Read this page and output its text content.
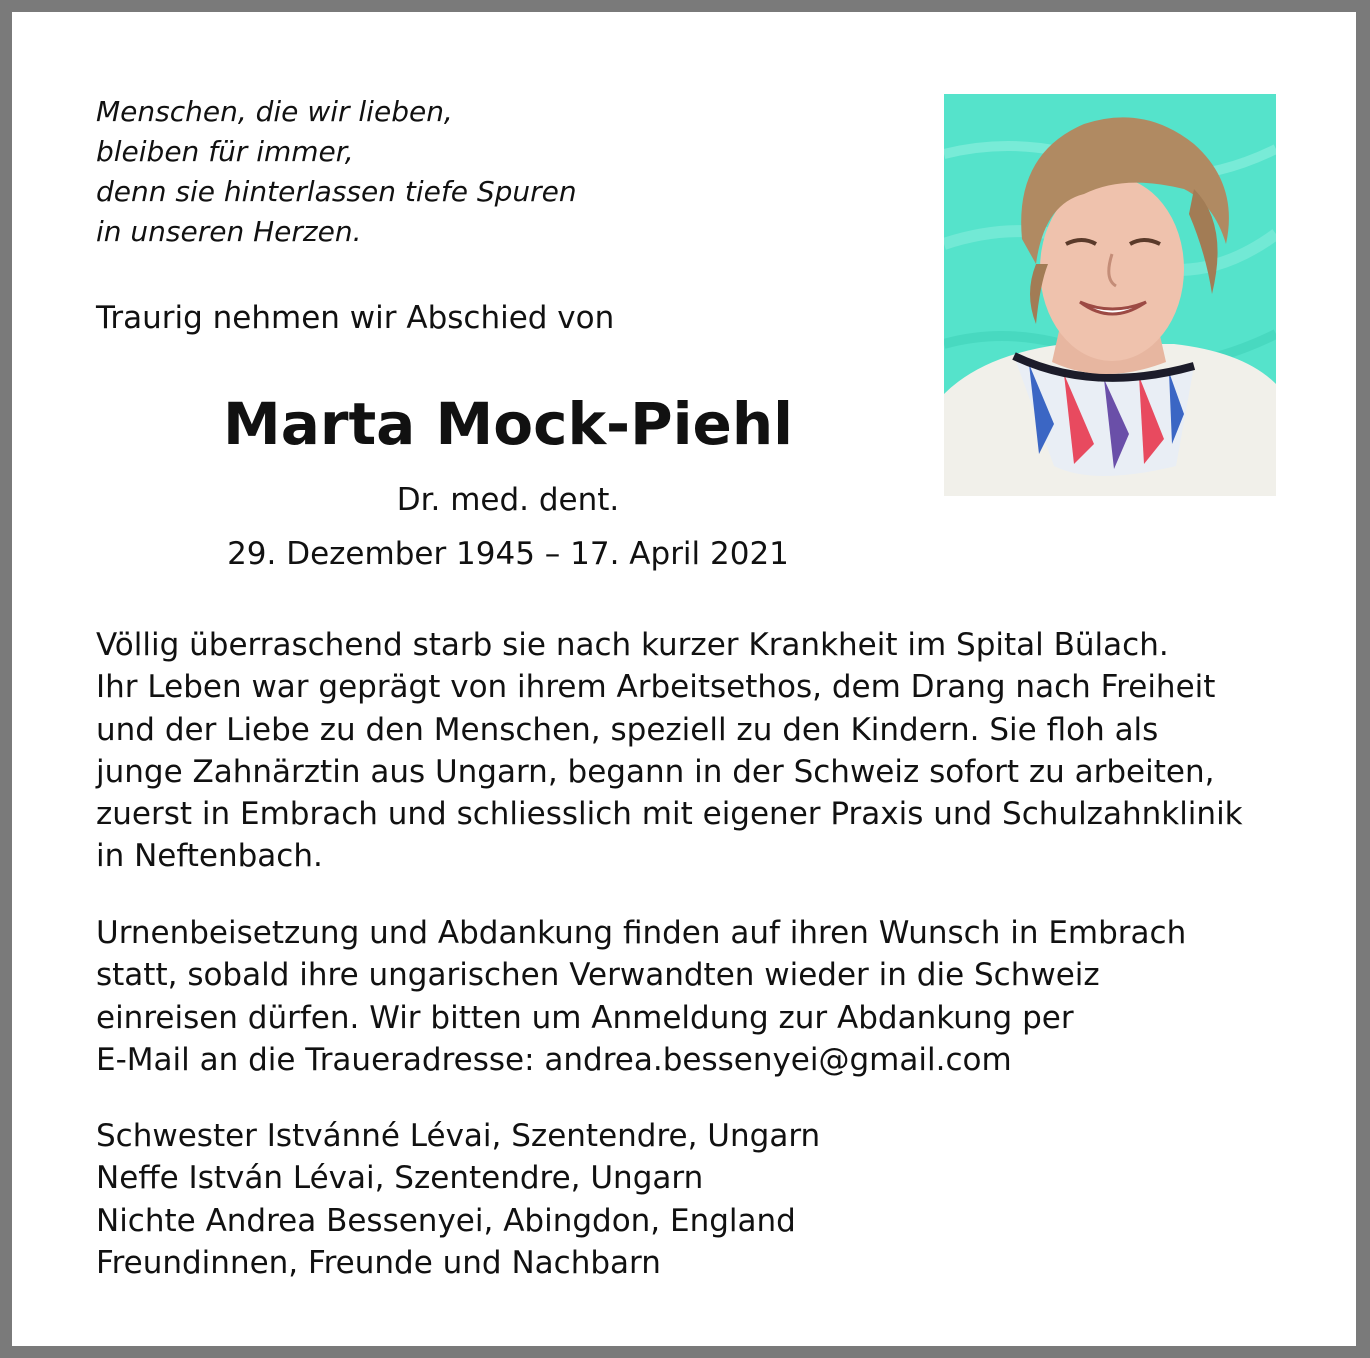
Menschen, die wir lieben,
bleiben für immer,
denn sie hinterlassen tiefe Spuren
in unseren Herzen.

Traurig nehmen wir Abschied von

Marta Mock-Piehl

Dr. med. dent.

29. Dezember 1945 – 17. April 2021

Völlig überraschend starb sie nach kurzer Krankheit im Spital Bülach.
Ihr Leben war geprägt von ihrem Arbeitsethos, dem Drang nach Freiheit
und der Liebe zu den Menschen, speziell zu den Kindern. Sie floh als
junge Zahnärztin aus Ungarn, begann in der Schweiz sofort zu arbeiten,
zuerst in Embrach und schliesslich mit eigener Praxis und Schulzahnklinik
in Neftenbach.
Urnenbeisetzung und Abdankung finden auf ihren Wunsch in Embrach
statt, sobald ihre ungarischen Verwandten wieder in die Schweiz
einreisen dürfen. Wir bitten um Anmeldung zur Abdankung per
E-Mail an die Traueradresse: andrea.bessenyei@gmail.com
Schwester Istvánné Lévai, Szentendre, Ungarn
Neffe István Lévai, Szentendre, Ungarn
Nichte Andrea Bessenyei, Abingdon, England
Freundinnen, Freunde und Nachbarn
